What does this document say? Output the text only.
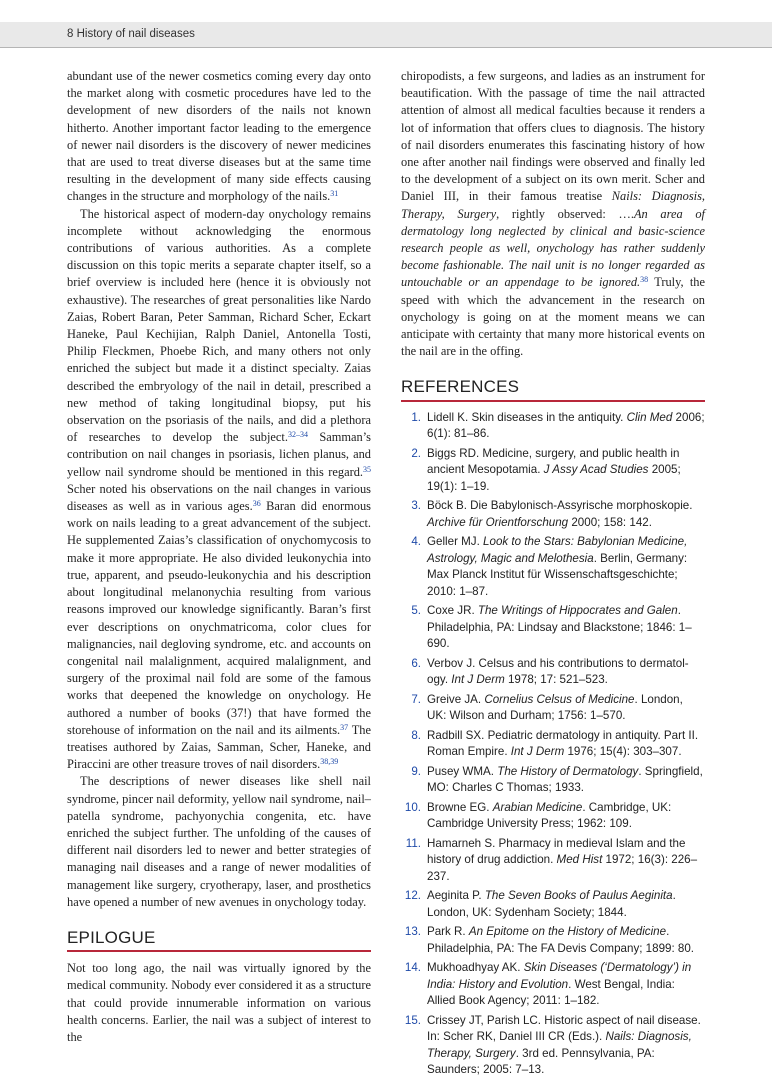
8 History of nail diseases

abundant use of the newer cosmetics coming every day onto the market along with cosmetic procedures have led to the development of new disorders of the nails not known hitherto. Another important factor leading to the emergence of newer nail disorders is the discovery of newer medicines that are used to treat diverse diseases but at the same time resulting in the development of many side effects causing changes in the structure and morphology of the nails.$^{31}$

The historical aspect of modern-day onychology remains incomplete without acknowledging the enormous contributions of various authorities. As a complete discussion on this topic merits a separate chapter itself, so a brief overview is included here (hence it is obviously not exhaustive). The researches of great personalities like Nardo Zaias, Robert Baran, Peter Samman, Richard Scher, Eckart Haneke, Paul Kechijian, Ralph Daniel, Antonella Tosti, Philip Fleckmen, Phoebe Rich, and many others not only enriched the subject but made it a distinct specialty. Zaias described the embryology of the nail in detail, prescribed a new method of taking longitudinal biopsy, put his observation on the psoriasis of the nails, and did a plethora of researches to develop the subject.$^{32-34}$ Samman’s contribution on nail changes in psoriasis, lichen planus, and yellow nail syndrome should be mentioned in this regard.$^{35}$ Scher noted his observations on the nail changes in various diseases as well as in various ages.$^{36}$ Baran did enormous work on nails leading to a great advancement of the subject. He supplemented Zaias’s classification of onychomycosis to make it more appropriate. He also divided leukonychia into true, apparent, and pseudo-leukonychia and his description about longitudinal melanonychia resulting from various reasons improved our knowledge significantly. Baran’s first ever descriptions on onychmatricoma, color clues for malignancies, nail degloving syndrome, etc. and accounts on congenital nail malalignment, acquired malalignment, and surgery of the proximal nail fold are some of the famous works that deepened the knowledge on onychology. He authored a number of books (37!) that have formed the storehouse of information on the nail and its ailments.$^{37}$ The treatises authored by Zaias, Samman, Scher, Haneke, and Piraccini are other treasure troves of nail disorders.$^{38,39}$

The descriptions of newer diseases like shell nail syndrome, pincer nail deformity, yellow nail syndrome, nail–patella syndrome, pachyonychia congenita, etc. have enriched the subject further. The unfolding of the causes of different nail disorders led to newer and better strategies of managing nail diseases and a range of newer modalities of management like surgery, cryotherapy, laser, and prosthetics have opened a number of new avenues in onychology today.

EPILOGUE

Not too long ago, the nail was virtually ignored by the medical community. Nobody ever considered it as a structure that could provide innumerable information on various health concerns. Earlier, the nail was a subject of interest to the

chiropodists, a few surgeons, and ladies as an instrument for beautification. With the passage of time the nail attracted attention of almost all medical faculties because it renders a lot of information that offers clues to diagnosis. The history of nail disorders enumerates this fascinating history of how one after another nail findings were observed and finally led to the development of a subject on its own merit. Scher and Daniel III, in their famous treatise Nails: Diagnosis, Therapy, Surgery, rightly observed: ….An area of dermatology long neglected by clinical and basic-science research people as well, onychology has rather suddenly become fashionable. The nail unit is no longer regarded as untouchable or an appendage to be ignored.$^{38}$ Truly, the speed with which the advancement in the research on onychology is going on at the moment means we can anticipate with certainty that many more historical events on the nail are in the offing.

REFERENCES
1. Lidell K. Skin diseases in the antiquity. Clin Med 2006; 6(1): 81–86.
2. Biggs RD. Medicine, surgery, and public health in ancient Mesopotamia. J Assy Acad Studies 2005; 19(1): 1–19.
3. Böck B. Die Babylonisch-Assyrische morphoskopie. Archive für Orientforschung 2000; 158: 142.
4. Geller MJ. Look to the Stars: Babylonian Medicine, Astrology, Magic and Melothesia. Berlin, Germany: Max Planck Institut für Wissenschaftsgeschichte; 2010: 1–87.
5. Coxe JR. The Writings of Hippocrates and Galen. Philadelphia, PA: Lindsay and Blackstone; 1846: 1–690.
6. Verbov J. Celsus and his contributions to dermatol-ogy. Int J Derm 1978; 17: 521–523.
7. Greive JA. Cornelius Celsus of Medicine. London, UK: Wilson and Durham; 1756: 1–570.
8. Radbill SX. Pediatric dermatology in antiquity. Part II. Roman Empire. Int J Derm 1976; 15(4): 303–307.
9. Pusey WMA. The History of Dermatology. Springfield, MO: Charles C Thomas; 1933.
10. Browne EG. Arabian Medicine. Cambridge, UK: Cambridge University Press; 1962: 109.
11. Hamarneh S. Pharmacy in medieval Islam and the history of drug addiction. Med Hist 1972; 16(3): 226–237.
12. Aeginita P. The Seven Books of Paulus Aeginita. London, UK: Sydenham Society; 1844.
13. Park R. An Epitome on the History of Medicine. Philadelphia, PA: The FA Devis Company; 1899: 80.
14. Mukhoadhyay AK. Skin Diseases (‘Dermatology’) in India: History and Evolution. West Bengal, India: Allied Book Agency; 2011: 1–182.
15. Crissey JT, Parish LC. Historic aspect of nail disease. In: Scher RK, Daniel III CR (Eds.). Nails: Diagnosis, Therapy, Surgery. 3rd ed. Pennsylvania, PA: Saunders; 2005: 7–13.
